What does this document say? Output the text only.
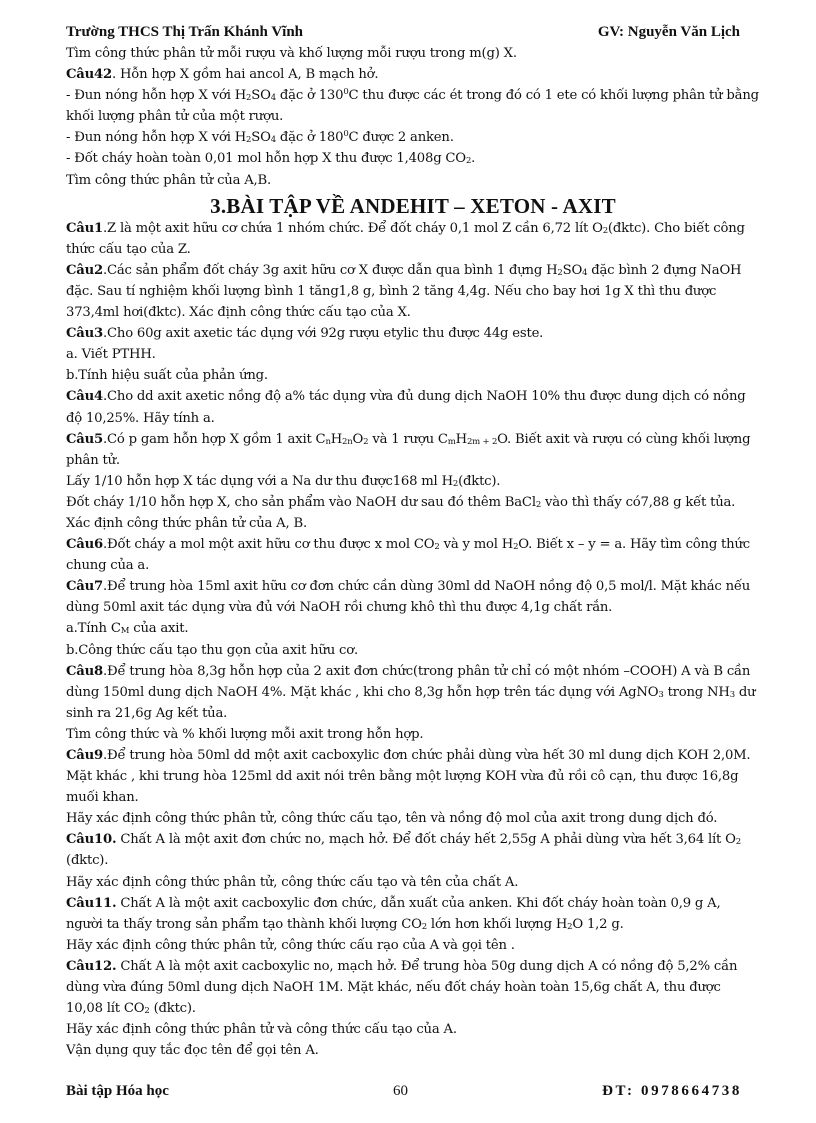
Trường THCS Thị Trấn Khánh Vĩnh	GV: Nguyễn Văn Lịch

Tìm công thức phân tử mỗi rượu và khố lượng mỗi rượu trong m(g) X.

Câu42. Hỗn hợp X gồm hai ancol A, B mạch hở.

- Đun nóng hỗn hợp X với $H_2SO_4$ đặc ở $130^0C$ thu được các ét trong đó có 1 ete có khối lượng phân tử bằng khối lượng phân tử của một rượu.

- Đun nóng hỗn hợp X với $H_2SO_4$ đặc ở $180^0C$ được 2 anken.

- Đốt cháy hoàn toàn 0,01 mol hỗn hợp X thu được 1,408g $CO_2$.

Tìm công thức phân tử của A,B.

3.BÀI TẬP VỀ ANDEHIT – XETON - AXIT

Câu1.Z là một axit hữu cơ chứa 1 nhóm chức. Để đốt cháy 0,1 mol Z cần 6,72 lít $O_2(đktc)$. Cho biết công thức cấu tạo của Z.

Câu2.Các sản phẩm đốt cháy 3g axit hữu cơ X được dẫn qua bình 1 đựng $H_2SO_4$ đặc bình 2 đựng NaOH đặc. Sau tí nghiệm khối lượng bình 1 tăng1,8 g, bình 2 tăng 4,4g. Nếu cho bay hơi 1g X thì thu được 373,4ml hơi(đktc). Xác định công thức cấu tạo của X.

Câu3.Cho 60g axit axetic tác dụng với 92g rượu etylic thu được 44g este.

a. Viết PTHH.

b.Tính hiệu suất của phản ứng.

Câu4.Cho dd axit axetic nồng độ a% tác dụng vừa đủ dung dịch NaOH 10% thu được dung dịch có nồng độ 10,25%. Hãy tính a.

Câu5.Có p gam hỗn hợp X gồm 1 axit $C_nH_{2n}O_2$ và 1 rượu $C_mH_{2m + 2}O$. Biết axit và rượu có cùng khối lượng phân tử.

Lấy 1/10 hỗn hợp X tác dụng với a Na dư thu được168 ml $H_2(đktc)$.

Đốt cháy 1/10 hỗn hợp X, cho sản phẩm vào NaOH dư sau đó thêm BaCl$_2$ vào thì thấy có7,88 g kết tủa.

Xác định công thức phân tử của A, B.

Câu6.Đốt cháy a mol một axit hữu cơ thu được x mol $CO_2$ và y mol $H_2O$. Biết x – y = a. Hãy tìm công thức chung của a.

Câu7.Để trung hòa 15ml axit hữu cơ đơn chức cần dùng 30ml dd NaOH nồng độ 0,5 mol/l. Mặt khác nếu dùng 50ml axit tác dụng vừa đủ với NaOH rồi chưng khô thì thu được 4,1g chất rắn.

a.Tính $C_M$ của axit.

b.Công thức cấu tạo thu gọn của axit hữu cơ.

Câu8.Để trung hòa 8,3g hỗn hợp của 2 axit đơn chức(trong phân tử chỉ có một nhóm –COOH) A và B cần dùng 150ml dung dịch NaOH 4%. Mặt khác , khi cho 8,3g hỗn hợp trên tác dụng với AgNO$_3$ trong $NH_3$ dư sinh ra 21,6g Ag kết tủa.

Tìm công thức và % khối lượng mỗi axit trong hỗn hợp.

Câu9.Để trung hòa 50ml dd một axit cacboxylic đơn chức phải dùng vừa hết 30 ml dung dịch KOH 2,0M. Mặt khác , khi trung hòa 125ml dd axit nói trên bằng một lượng KOH vừa đủ rồi cô cạn, thu được 16,8g muối khan.

Hãy xác định công thức phân tử, công thức cấu tạo, tên và nồng độ mol của axit trong dung dịch đó.

Câu10. Chất A là một axit đơn chức no, mạch hở. Để đốt cháy hết 2,55g A phải dùng vừa hết 3,64 lít $O_2$ (đktc).

Hãy xác định công thức phân tử, công thức cấu tạo và tên của chất A.

Câu11. Chất A là một axit cacboxylic đơn chức, dẫn xuất của anken. Khi đốt cháy hoàn toàn 0,9 g A, người ta thấy trong sản phẩm tạo thành khối lượng $CO_2$ lớn hơn khối lượng $H_2O$ 1,2 g.

Hãy xác định công thức phân tử, công thức cấu rạo của A và gọi tên .

Câu12. Chất A là một axit cacboxylic no, mạch hở. Để trung hòa 50g dung dịch A có nồng độ 5,2% cần dùng vừa đúng 50ml dung dịch NaOH 1M. Mặt khác, nếu đốt cháy hoàn toàn 15,6g chất A, thu được 10,08 lít $CO_2$ (đktc).

Hãy xác định công thức phân tử và công thức cấu tạo của A.

Vận dụng quy tắc đọc tên để gọi tên A.

Bài tập Hóa học	60	ĐT: 0978664738
